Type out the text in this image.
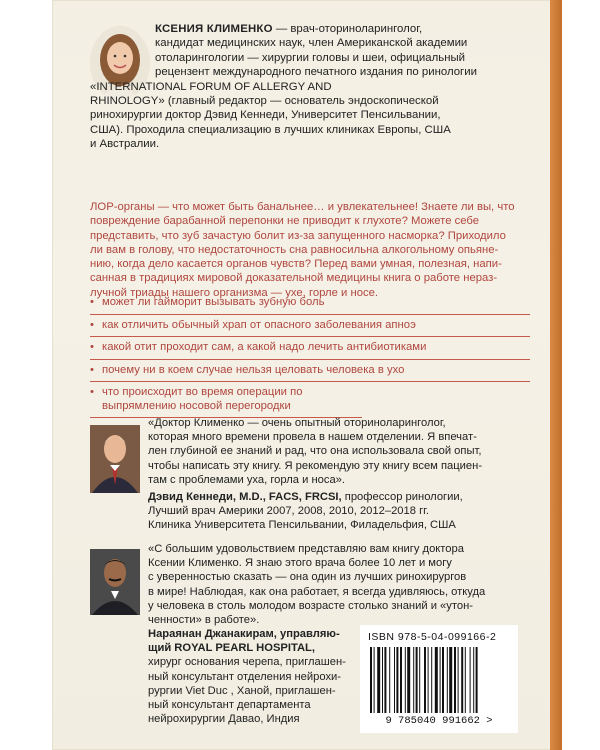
КСЕНИЯ КЛИМЕНКО — врач-оториноларинголог,
кандидат медицинских наук, член Американской академии
отоларингологии — хирургии головы и шеи, официальный
рецензент международного печатного издания по ринологии
«INTERNATIONAL FORUM OF ALLERGY AND
RHINOLOGY» (главный редактор — основатель эндоскопической
ринохирургии доктор Дэвид Кеннеди, Университет Пенсильвании,
США). Проходила специализацию в лучших клиниках Европы, США
и Австралии.
ЛОР-органы — что может быть банальнее… и увлекательнее! Знаете ли вы, что
повреждение барабанной перепонки не приводит к глухоте? Можете себе
представить, что зуб зачастую болит из-за запущенного насморка? Приходило
ли вам в голову, что недостаточность сна равносильна алкогольному опьяне-
нию, когда дело касается органов чувств? Перед вами умная, полезная, напи-
санная в традициях мировой доказательной медицины книга о работе нераз-
лучной триады нашего организма — ухе, горле и носе.
• может ли гайморит вызывать зубную боль
• как отличить обычный храп от опасного заболевания апноэ
• какой отит проходит сам, а какой надо лечить антибиотиками
• почему ни в коем случае нельзя целовать человека в ухо
• что происходит во время операции по выпрямлению носовой перегородки
«Доктор Клименко — очень опытный оториноларинголог,
которая много времени провела в нашем отделении. Я впечат-
лен глубиной ее знаний и рад, что она использовала свой опыт,
чтобы написать эту книгу. Я рекомендую эту книгу всем пациен-
там с проблемами уха, горла и носа».
Дэвид Кеннеди, M.D., FACS, FRCSI, профессор ринологии,
Лучший врач Америки 2007, 2008, 2010, 2012–2018 гг.
Клиника Университета Пенсильвании, Филадельфия, США
«С большим удовольствием представляю вам книгу доктора
Ксении Клименко. Я знаю этого врача более 10 лет и могу
с уверенностью сказать — она один из лучших ринохирургов
в мире! Наблюдая, как она работает, я всегда удивляюсь, откуда
у человека в столь молодом возрасте столько знаний и «утон-
ченности» в работе».
Нараянан Джанакирам, управляю-
щий ROYAL PEARL HOSPITAL,
хирург основания черепа, приглашен-
ный консультант отделения нейрохи-
рургии Viet Duc , Ханой, приглашен-
ный консультант департамента
нейрохирургии Давао, Индия
ISBN 978-5-04-099166-2
9 785040 991662 >
